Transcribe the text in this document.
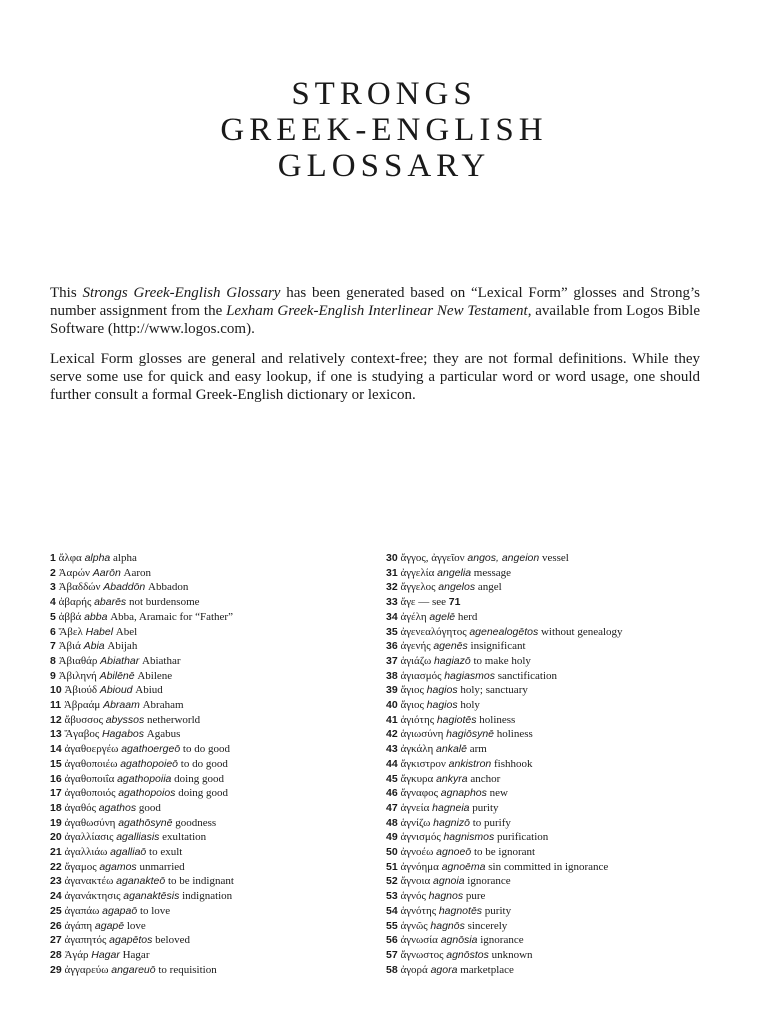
STRONGS
GREEK-ENGLISH
GLOSSARY

This Strongs Greek-English Glossary has been generated based on “Lexical Form” glosses and Strong’s number assignment from the Lexham Greek-English Interlinear New Testament, available from Logos Bible Software (http://www.logos.com).

Lexical Form glosses are general and relatively context-free; they are not formal definitions. While they serve some use for quick and easy lookup, if one is studying a particular word or word usage, one should further consult a formal Greek-English dictionary or lexicon.

1 ἄλφα alpha alpha
2 Ἀαρών Aarōn Aaron
3 Ἀβαδδών Abaddōn Abbadon
4 ἀβαρής abarēs not burdensome
5 ἀββά abba Abba, Aramaic for “Father”
6 Ἅβελ Habel Abel
7 Ἀβιά Abia Abijah
8 Ἀβιαθάρ Abiathar Abiathar
9 Ἀβιληνή Abilēnē Abilene
10 Ἀβιούδ Abioud Abiud
11 Ἀβραάμ Abraam Abraham
12 ἄβυσσος abyssos netherworld
13 Ἅγαβος Hagabos Agabus
14 ἀγαθοεργέω agathoergeō to do good
15 ἀγαθοποιέω agathopoieō to do good
16 ἀγαθοποιΐα agathopoiia doing good
17 ἀγαθοποιός agathopoios doing good
18 ἀγαθός agathos good
19 ἀγαθωσύνη agathōsynē goodness
20 ἀγαλλίασις agalliasis exultation
21 ἀγαλλιάω agalliaō to exult
22 ἄγαμος agamos unmarried
23 ἀγανακτέω aganakteō to be indignant
24 ἀγανάκτησις aganaktēsis indignation
25 ἀγαπάω agapaō to love
26 ἀγάπη agapē love
27 ἀγαπητός agapētos beloved
28 Ἁγάρ Hagar Hagar
29 ἀγγαρεύω angareuō to requisition
30 ἄγγος, ἀγγεῖον angos, angeion vessel
31 ἀγγελία angelia message
32 ἄγγελος angelos angel
33 ἄγε — see 71
34 ἀγέλη agelē herd
35 ἀγενεαλόγητος agenealogētos without genealogy
36 ἀγενής agenēs insignificant
37 ἁγιάζω hagiazō to make holy
38 ἁγιασμός hagiasmos sanctification
39 ἅγιος hagios holy; sanctuary
40 ἅγιος hagios holy
41 ἁγιότης hagiotēs holiness
42 ἁγιωσύνη hagiōsynē holiness
43 ἀγκάλη ankalē arm
44 ἄγκιστρον ankistron fishhook
45 ἄγκυρα ankyra anchor
46 ἄγναφος agnaphos new
47 ἁγνεία hagneia purity
48 ἁγνίζω hagnizō to purify
49 ἁγνισμός hagnismos purification
50 ἀγνοέω agnoeō to be ignorant
51 ἀγνόημα agnoēma sin committed in ignorance
52 ἄγνοια agnoia ignorance
53 ἁγνός hagnos pure
54 ἁγνότης hagnotēs purity
55 ἁγνῶς hagnōs sincerely
56 ἀγνωσία agnōsia ignorance
57 ἄγνωστος agnōstos unknown
58 ἀγορά agora marketplace
